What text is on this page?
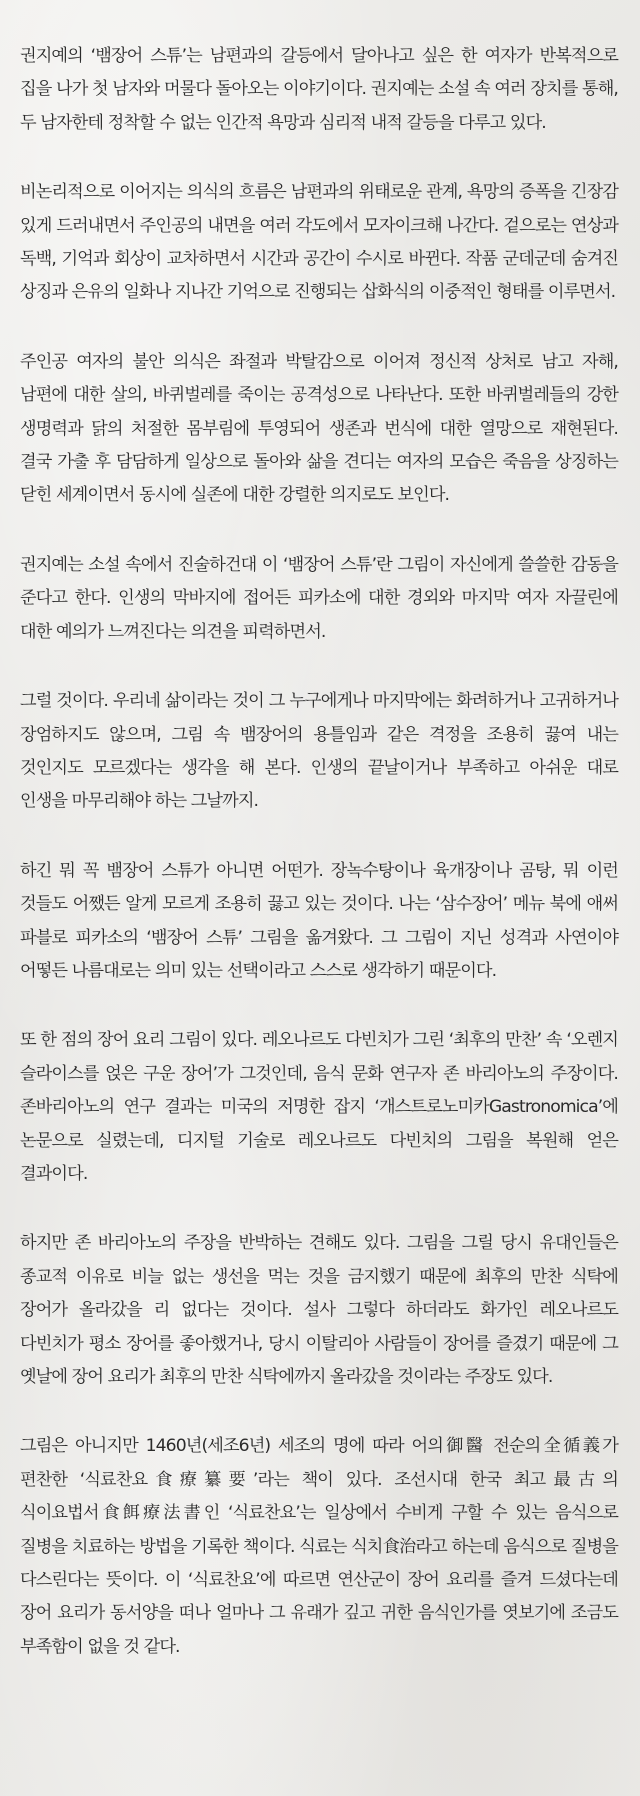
권지예의 ‘뱀장어 스튜’는 남편과의 갈등에서 달아나고 싶은 한 여자가 반복적으로 집을 나가 첫 남자와 머물다 돌아오는 이야기이다. 권지예는 소설 속 여러 장치를 통해, 두 남자한테 정착할 수 없는 인간적 욕망과 심리적 내적 갈등을 다루고 있다.

비논리적으로 이어지는 의식의 흐름은 남편과의 위태로운 관계, 욕망의 증폭을 긴장감 있게 드러내면서 주인공의 내면을 여러 각도에서 모자이크해 나간다. 겉으로는 연상과 독백, 기억과 회상이 교차하면서 시간과 공간이 수시로 바뀐다. 작품 군데군데 숨겨진 상징과 은유의 일화나 지나간 기억으로 진행되는 삽화식의 이중적인 형태를 이루면서.

주인공 여자의 불안 의식은 좌절과 박탈감으로 이어져 정신적 상처로 남고 자해, 남편에 대한 살의, 바퀴벌레를 죽이는 공격성으로 나타난다. 또한 바퀴벌레들의 강한 생명력과 닭의 처절한 몸부림에 투영되어 생존과 번식에 대한 열망으로 재현된다. 결국 가출 후 담담하게 일상으로 돌아와 삶을 견디는 여자의 모습은 죽음을 상징하는 닫힌 세계이면서 동시에 실존에 대한 강렬한 의지로도 보인다.

권지예는 소설 속에서 진술하건대 이 ‘뱀장어 스튜’란 그림이 자신에게 쓸쓸한 감동을 준다고 한다. 인생의 막바지에 접어든 피카소에 대한 경외와 마지막 여자 자끌린에 대한 예의가 느껴진다는 의견을 피력하면서.

그럴 것이다. 우리네 삶이라는 것이 그 누구에게나 마지막에는 화려하거나 고귀하거나 장엄하지도 않으며, 그림 속 뱀장어의 용틀임과 같은 격정을 조용히 끓여 내는 것인지도 모르겠다는 생각을 해 본다. 인생의 끝날이거나 부족하고 아쉬운 대로 인생을 마무리해야 하는 그날까지.

하긴 뭐 꼭 뱀장어 스튜가 아니면 어떤가. 장녹수탕이나 육개장이나 곰탕, 뭐 이런 것들도 어쨌든 알게 모르게 조용히 끓고 있는 것이다. 나는 ‘삼수장어’ 메뉴 북에 애써 파블로 피카소의 ‘뱀장어 스튜’ 그림을 옮겨왔다. 그 그림이 지닌 성격과 사연이야 어떻든 나름대로는 의미 있는 선택이라고 스스로 생각하기 때문이다.

또 한 점의 장어 요리 그림이 있다. 레오나르도 다빈치가 그린 ‘최후의 만찬’ 속 ‘오렌지 슬라이스를 얹은 구운 장어’가 그것인데, 음식 문화 연구자 존 바리아노의 주장이다. 존바리아노의 연구 결과는 미국의 저명한 잡지 ‘개스트로노미카Gastronomica’에 논문으로 실렸는데, 디지털 기술로 레오나르도 다빈치의 그림을 복원해 얻은 결과이다.

하지만 존 바리아노의 주장을 반박하는 견해도 있다. 그림을 그릴 당시 유대인들은 종교적 이유로 비늘 없는 생선을 먹는 것을 금지했기 때문에 최후의 만찬 식탁에 장어가 올라갔을 리 없다는 것이다. 설사 그렇다 하더라도 화가인 레오나르도 다빈치가 평소 장어를 좋아했거나, 당시 이탈리아 사람들이 장어를 즐겼기 때문에 그 옛날에 장어 요리가 최후의 만찬 식탁에까지 올라갔을 것이라는 주장도 있다.

그림은 아니지만 1460년(세조6년) 세조의 명에 따라 어의御醫 전순의全循義가 편찬한 ‘식료찬요食療纂要’라는 책이 있다. 조선시대 한국 최고最古의 식이요법서食餌療法書인 ‘식료찬요’는 일상에서 수비게 구할 수 있는 음식으로 질병을 치료하는 방법을 기록한 책이다. 식료는 식치食治라고 하는데 음식으로 질병을 다스린다는 뜻이다. 이 ‘식료찬요’에 따르면 연산군이 장어 요리를 즐겨 드셨다는데 장어 요리가 동서양을 떠나 얼마나 그 유래가 깊고 귀한 음식인가를 엿보기에 조금도 부족함이 없을 것 같다.
